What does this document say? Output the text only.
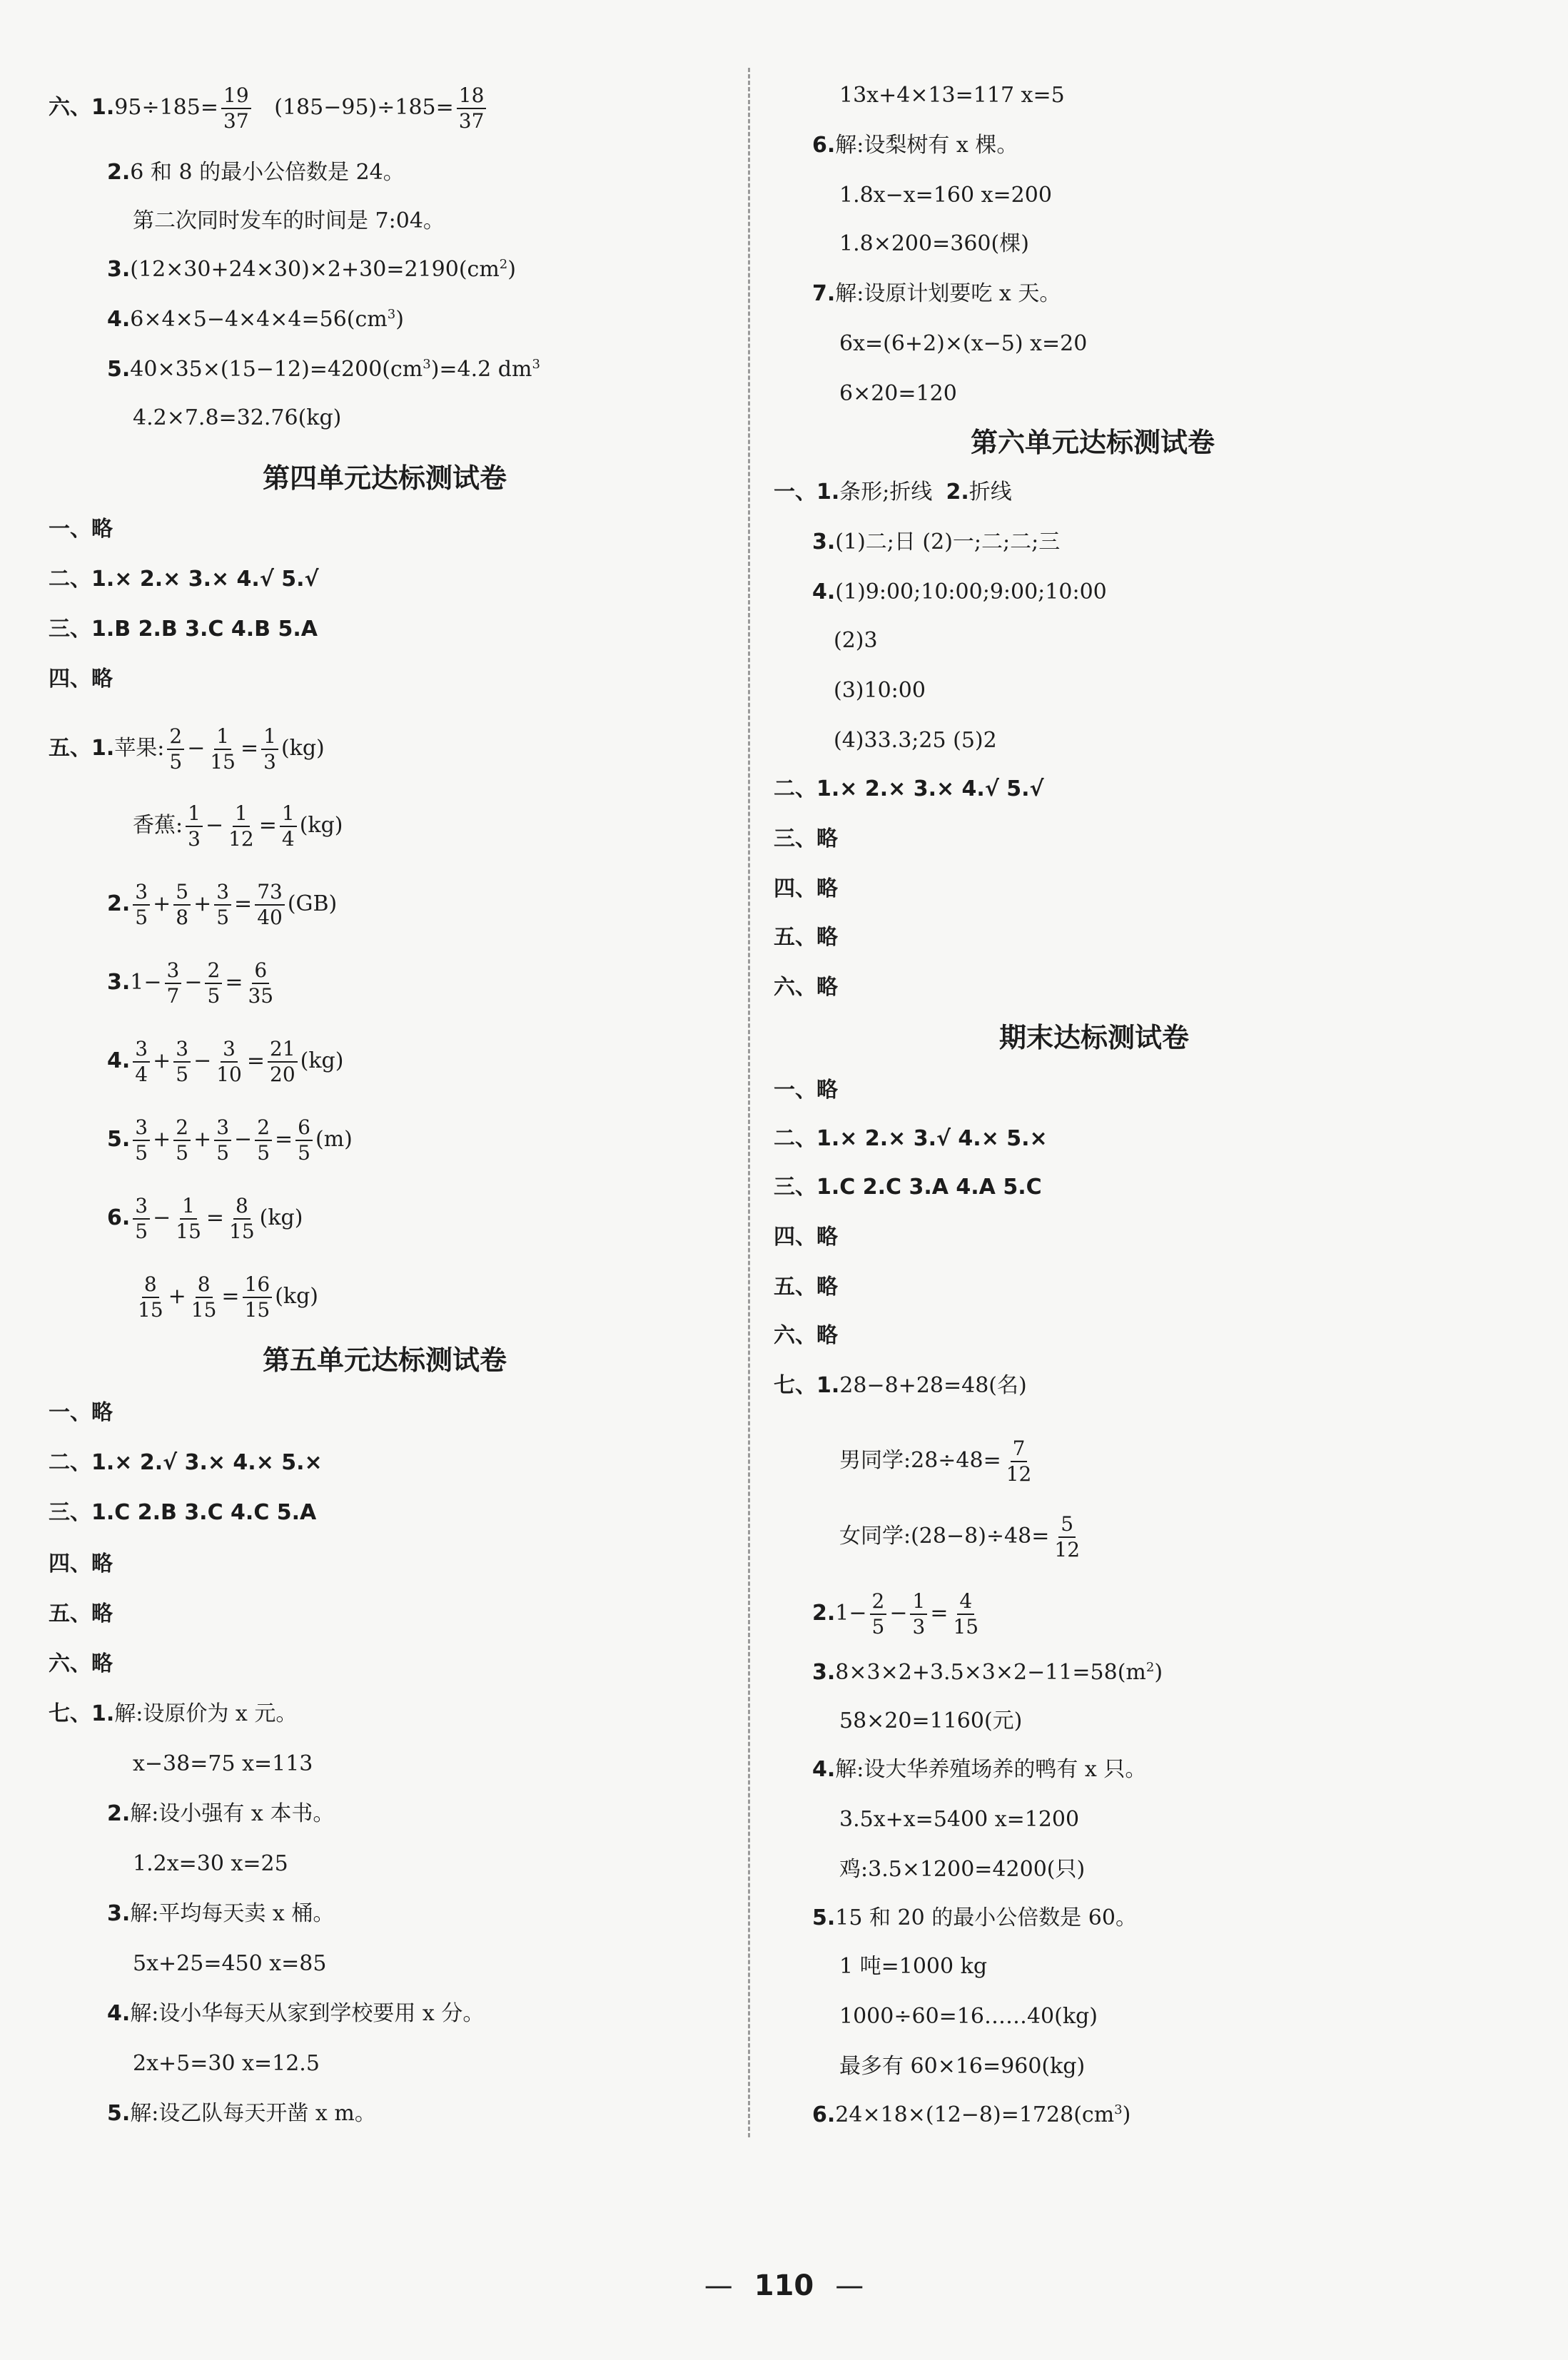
六、$1.95\div 185= \frac{19}{37} (185-95)\div 185= \frac{18}{37}$
2.6 和 8 的最小公倍数是 24。
第二次同时发车的时间是 7:04。
$3.(12\times 30+24\times 30)\times 2+30=2190(cm^2)$
$4.6\times 4\times 5-4\times 4\times 4=56(cm^3)$
$5.40\times 35\times(15-12)=4200(cm^3)=4.2$ $dm^3$
4.2×7.8=32.76(kg)
第四单元达标测试卷
一、略
二、1.× 2.× 3.× 4.√ 5.√
三、1.B 2.B 3.C 4.B 5.A
四、略
五、1.苹果: $\frac{2}{5} - \frac{1}{15} = \frac{1}{3} (kg)$
香蕉: $\frac{1}{3} - \frac{1}{12} = \frac{1}{4} (kg)$
2. $\frac{3}{5} + \frac{5}{8} + \frac{3}{5} = \frac{73}{40} (GB)$
$3.1- \frac{3}{7} - \frac{2}{5} = \frac{6}{35}$
4. $\frac{3}{4} + \frac{3}{5} - \frac{3}{10} = \frac{21}{20} (kg)$
5. $\frac{3}{5} + \frac{2}{5} + \frac{3}{5} - \frac{2}{5} = \frac{6}{5} (m)$
6. $\frac{3}{5} - \frac{1}{15} = \frac{8}{15} (kg)$
$\frac{8}{15} + \frac{8}{15} = \frac{16}{15} (kg)$
第五单元达标测试卷
一、略
二、1.× 2.√ 3.× 4.× 5.×
三、1.C 2.B 3.C 4.C 5.A
四、略
五、略
六、略
七、1.解:设原价为 x 元。
x−38=75 x=113
2.解:设小强有 x 本书。
1.2x=30 x=25
3.解:平均每天卖 x 桶。
5x+25=450 x=85
4.解:设小华每天从家到学校要用 x 分。
2x+5=30 x=12.5
5.解:设乙队每天开凿 x m。
13x+4×13=117 x=5
6.解:设梨树有 x 棵。
1.8x−x=160 x=200
1.8×200=360(棵)
7.解:设原计划要吃 x 天。
6x=(6+2)×(x−5) x=20
6×20=120
第六单元达标测试卷
一、1.条形;折线  2.折线
3.(1)二;日 (2)一;二;二;三
4.(1)9:00;10:00;9:00;10:00
(2)3
(3)10:00
(4)33.3;25 (5)2
二、1.× 2.× 3.× 4.√ 5.√
三、略
四、略
五、略
六、略
期末达标测试卷
一、略
二、1.× 2.× 3.√ 4.× 5.×
三、1.C 2.C 3.A 4.A 5.C
四、略
五、略
六、略
七、1.28−8+28=48(名)
男同学:28÷48= $\frac{7}{12}$
女同学:(28−8)÷48= $\frac{5}{12}$
$2.1- \frac{2}{5} - \frac{1}{3} = \frac{4}{15}$
$3.8\times 3\times 2+3.5\times 3\times 2-11=58(m^2)$
58×20=1160(元)
4.解:设大华养殖场养的鸭有 x 只。
3.5x+x=5400 x=1200
鸡:3.5×1200=4200(只)
5.15 和 20 的最小公倍数是 60。
1 吨=1000 kg
1000÷60=16……40(kg)
最多有 60×16=960(kg)
$6.24\times 18\times(12-8)=1728(cm^3)$
— 110 —
